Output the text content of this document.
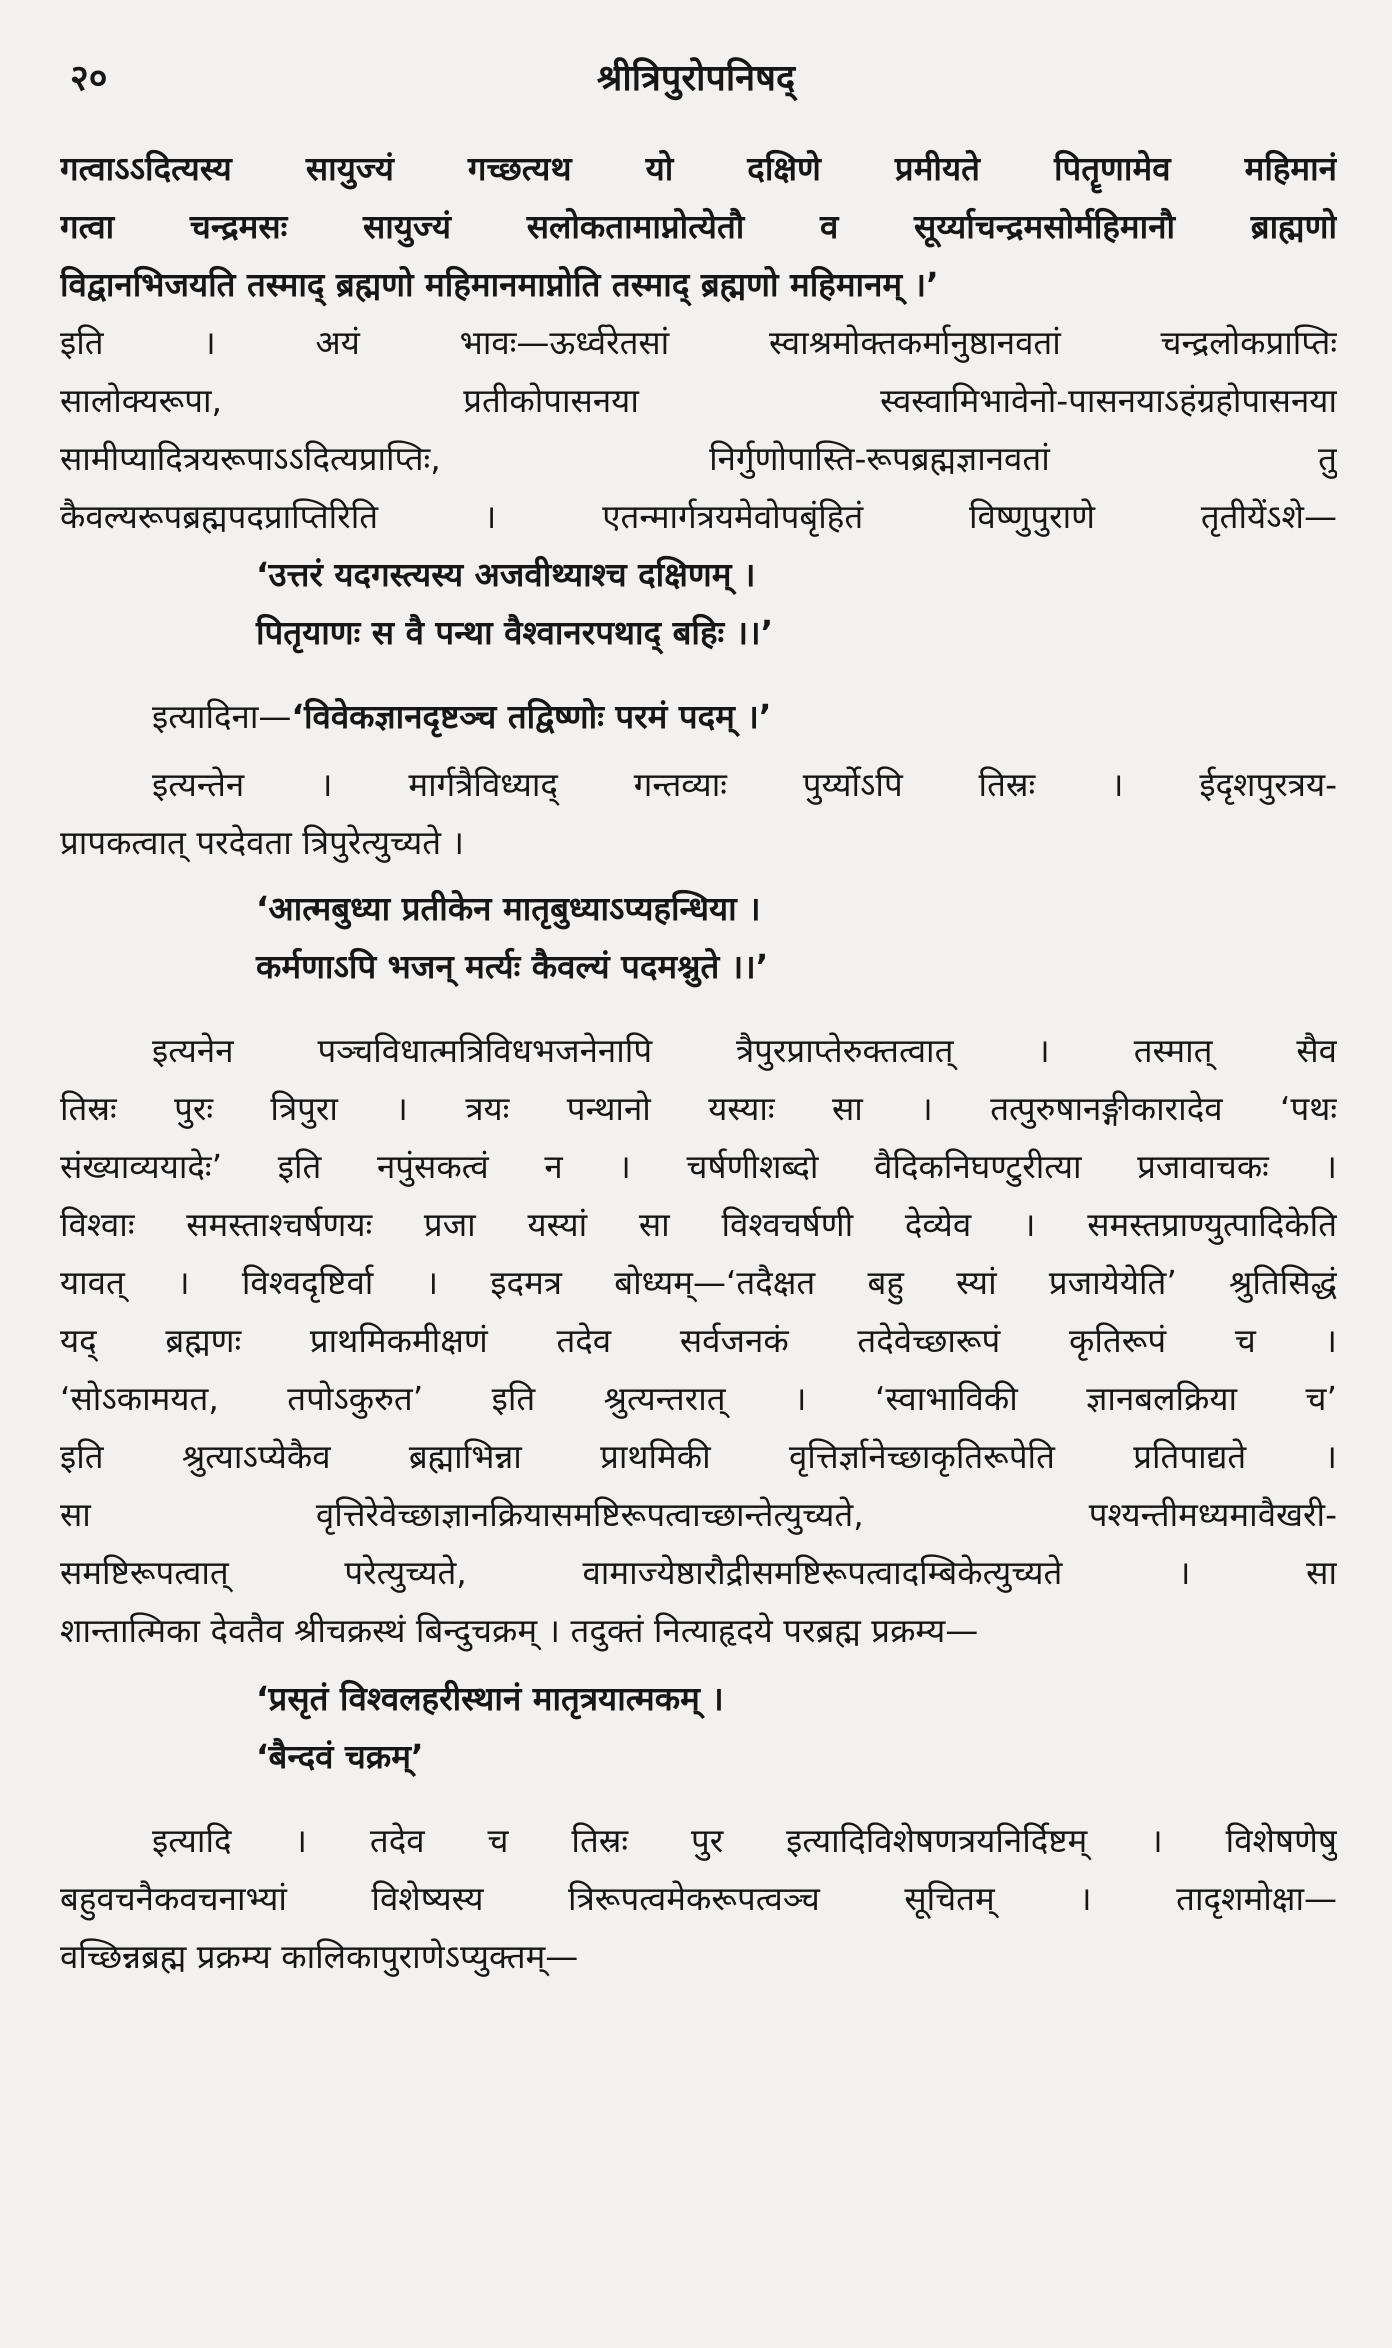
२०	श्रीत्रिपुरोपनिषद्
गत्वाऽऽदित्यस्य सायुज्यं गच्छत्यथ यो दक्षिणे प्रमीयते पितॄणामेव महिमानं
गत्वा चन्द्रमसः सायुज्यं सलोकतामाप्नोत्येतौ व सूर्य्याचन्द्रमसोर्महिमानौ ब्राह्मणो
विद्वानभिजयति तस्माद् ब्रह्मणो महिमानमाप्नोति तस्माद् ब्रह्मणो महिमानम् ।’
इति । अयं भावः—ऊर्ध्वरेतसां स्वाश्रमोक्तकर्मानुष्ठानवतां चन्द्रलोकप्राप्तिः
सालोक्यरूपा, प्रतीकोपासनया स्वस्वामिभावेनो-पासनयाऽहंग्रहोपासनया
सामीप्यादित्रयरूपाऽऽदित्यप्राप्तिः, निर्गुणोपास्ति-रूपब्रह्मज्ञानवतां तु
कैवल्यरूपब्रह्मपदप्राप्तिरिति । एतन्मार्गत्रयमेवोपबृंहितं विष्णुपुराणे तृतीयेंऽशे—
‘उत्तरं यदगस्त्यस्य अजवीथ्याश्च दक्षिणम् ।
पितृयाणः स वै पन्था वैश्वानरपथाद् बहिः ।।’
इत्यादिना—‘विवेकज्ञानदृष्टञ्च तद्विष्णोः परमं पदम् ।’
इत्यन्तेन । मार्गत्रैविध्याद् गन्तव्याः पुर्य्योऽपि तिस्रः । ईदृशपुरत्रय-
प्रापकत्वात् परदेवता त्रिपुरेत्युच्यते ।
‘आत्मबुध्या प्रतीकेन मातृबुध्याऽप्यहन्धिया ।
कर्मणाऽपि भजन् मर्त्यः कैवल्यं पदमश्नुते ।।’
इत्यनेन पञ्चविधात्मत्रिविधभजनेनापि त्रैपुरप्राप्तेरुक्तत्वात् । तस्मात् सैव
तिस्रः पुरः त्रिपुरा । त्रयः पन्थानो यस्याः सा । तत्पुरुषानङ्गीकारादेव ‘पथः
संख्याव्ययादेः’ इति नपुंसकत्वं न । चर्षणीशब्दो वैदिकनिघण्टुरीत्या प्रजावाचकः ।
विश्वाः समस्ताश्चर्षणयः प्रजा यस्यां सा विश्वचर्षणी देव्येव । समस्तप्राण्युत्पादिकेति
यावत् । विश्वदृष्टिर्वा । इदमत्र बोध्यम्—‘तदैक्षत बहु स्यां प्रजायेयेति’ श्रुतिसिद्धं
यद् ब्रह्मणः प्राथमिकमीक्षणं तदेव सर्वजनकं तदेवेच्छारूपं कृतिरूपं च ।
‘सोऽकामयत, तपोऽकुरुत’ इति श्रुत्यन्तरात् । ‘स्वाभाविकी ज्ञानबलक्रिया च’
इति श्रुत्याऽप्येकैव ब्रह्माभिन्ना प्राथमिकी वृत्तिर्ज्ञानेच्छाकृतिरूपेति प्रतिपाद्यते ।
सा वृत्तिरेवेच्छाज्ञानक्रियासमष्टिरूपत्वाच्छान्तेत्युच्यते, पश्यन्तीमध्यमावैखरी-
समष्टिरूपत्वात् परेत्युच्यते, वामाज्येष्ठारौद्रीसमष्टिरूपत्वादम्बिकेत्युच्यते । सा
शान्तात्मिका देवतैव श्रीचक्रस्थं बिन्दुचक्रम् । तदुक्तं नित्याहृदये परब्रह्म प्रक्रम्य—
‘प्रसृतं विश्वलहरीस्थानं मातृत्रयात्मकम् ।
‘बैन्दवं चक्रम्’
इत्यादि । तदेव च तिस्रः पुर इत्यादिविशेषणत्रयनिर्दिष्टम् । विशेषणेषु
बहुवचनैकवचनाभ्यां विशेष्यस्य त्रिरूपत्वमेकरूपत्वञ्च सूचितम् । तादृशमोक्षा—
वच्छिन्नब्रह्म प्रक्रम्य कालिकापुराणेऽप्युक्तम्—
